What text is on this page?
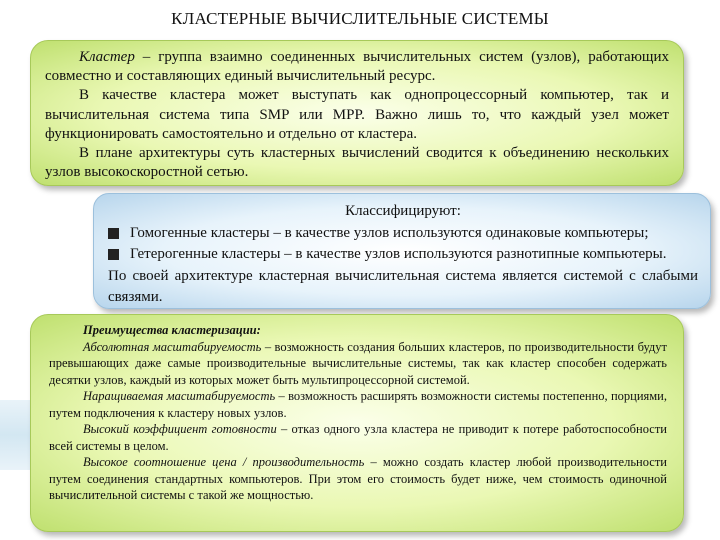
КЛАСТЕРНЫЕ ВЫЧИСЛИТЕЛЬНЫЕ СИСТЕМЫ

Кластер – группа взаимно соединенных вычислительных систем (узлов), работающих совместно и составляющих единый вычислительный ресурс.

В качестве кластера может выступать как однопроцессорный компьютер, так и вычислительная система типа SMP или MPP. Важно лишь то, что каждый узел может функционировать самостоятельно и отдельно от кластера.

В плане архитектуры суть кластерных вычислений сводится к объединению нескольких узлов высокоскоростной сетью.

Классифицируют:

Гомогенные кластеры – в качестве узлов используются одинаковые компьютеры;

Гетерогенные кластеры – в качестве узлов используются разнотипные компьютеры.

По своей архитектуре кластерная вычислительная система является системой с слабыми связями.

Преимущества кластеризации:

Абсолютная масштабируемость – возможность создания больших кластеров, по производительности будут превышающих даже самые производительные вычислительные системы, так как кластер способен содержать десятки узлов, каждый из которых может быть мультипроцессорной системой.

Наращиваемая масштабируемость – возможность расширять возможности системы постепенно, порциями, путем подключения к кластеру новых узлов.

Высокий коэффициент готовности – отказ одного узла кластера не приводит к потере работоспособности всей системы в целом.

Высокое соотношение цена / производительность – можно создать кластер любой производительности путем соединения стандартных компьютеров. При этом его стоимость будет ниже, чем стоимость одиночной вычислительной системы с такой же мощностью.
